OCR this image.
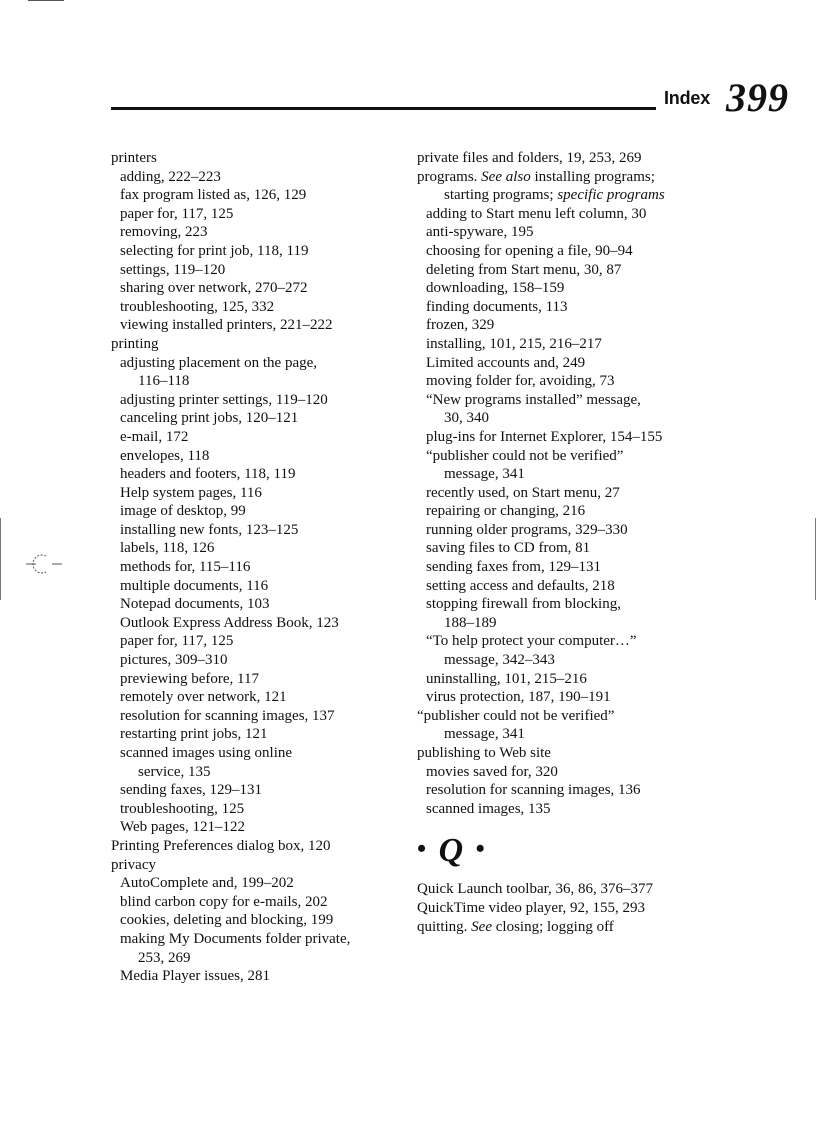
Index 399
printers
adding, 222–223
fax program listed as, 126, 129
paper for, 117, 125
removing, 223
selecting for print job, 118, 119
settings, 119–120
sharing over network, 270–272
troubleshooting, 125, 332
viewing installed printers, 221–222
printing
adjusting placement on the page,
116–118
adjusting printer settings, 119–120
canceling print jobs, 120–121
e-mail, 172
envelopes, 118
headers and footers, 118, 119
Help system pages, 116
image of desktop, 99
installing new fonts, 123–125
labels, 118, 126
methods for, 115–116
multiple documents, 116
Notepad documents, 103
Outlook Express Address Book, 123
paper for, 117, 125
pictures, 309–310
previewing before, 117
remotely over network, 121
resolution for scanning images, 137
restarting print jobs, 121
scanned images using online
service, 135
sending faxes, 129–131
troubleshooting, 125
Web pages, 121–122
Printing Preferences dialog box, 120
privacy
AutoComplete and, 199–202
blind carbon copy for e-mails, 202
cookies, deleting and blocking, 199
making My Documents folder private,
253, 269
Media Player issues, 281
private files and folders, 19, 253, 269
programs. See also installing programs;
starting programs; specific programs
adding to Start menu left column, 30
anti-spyware, 195
choosing for opening a file, 90–94
deleting from Start menu, 30, 87
downloading, 158–159
finding documents, 113
frozen, 329
installing, 101, 215, 216–217
Limited accounts and, 249
moving folder for, avoiding, 73
“New programs installed” message,
30, 340
plug-ins for Internet Explorer, 154–155
“publisher could not be verified”
message, 341
recently used, on Start menu, 27
repairing or changing, 216
running older programs, 329–330
saving files to CD from, 81
sending faxes from, 129–131
setting access and defaults, 218
stopping firewall from blocking,
188–189
“To help protect your computer…”
message, 342–343
uninstalling, 101, 215–216
virus protection, 187, 190–191
“publisher could not be verified”
message, 341
publishing to Web site
movies saved for, 320
resolution for scanning images, 136
scanned images, 135
• Q •
Quick Launch toolbar, 36, 86, 376–377
QuickTime video player, 92, 155, 293
quitting. See closing; logging off
